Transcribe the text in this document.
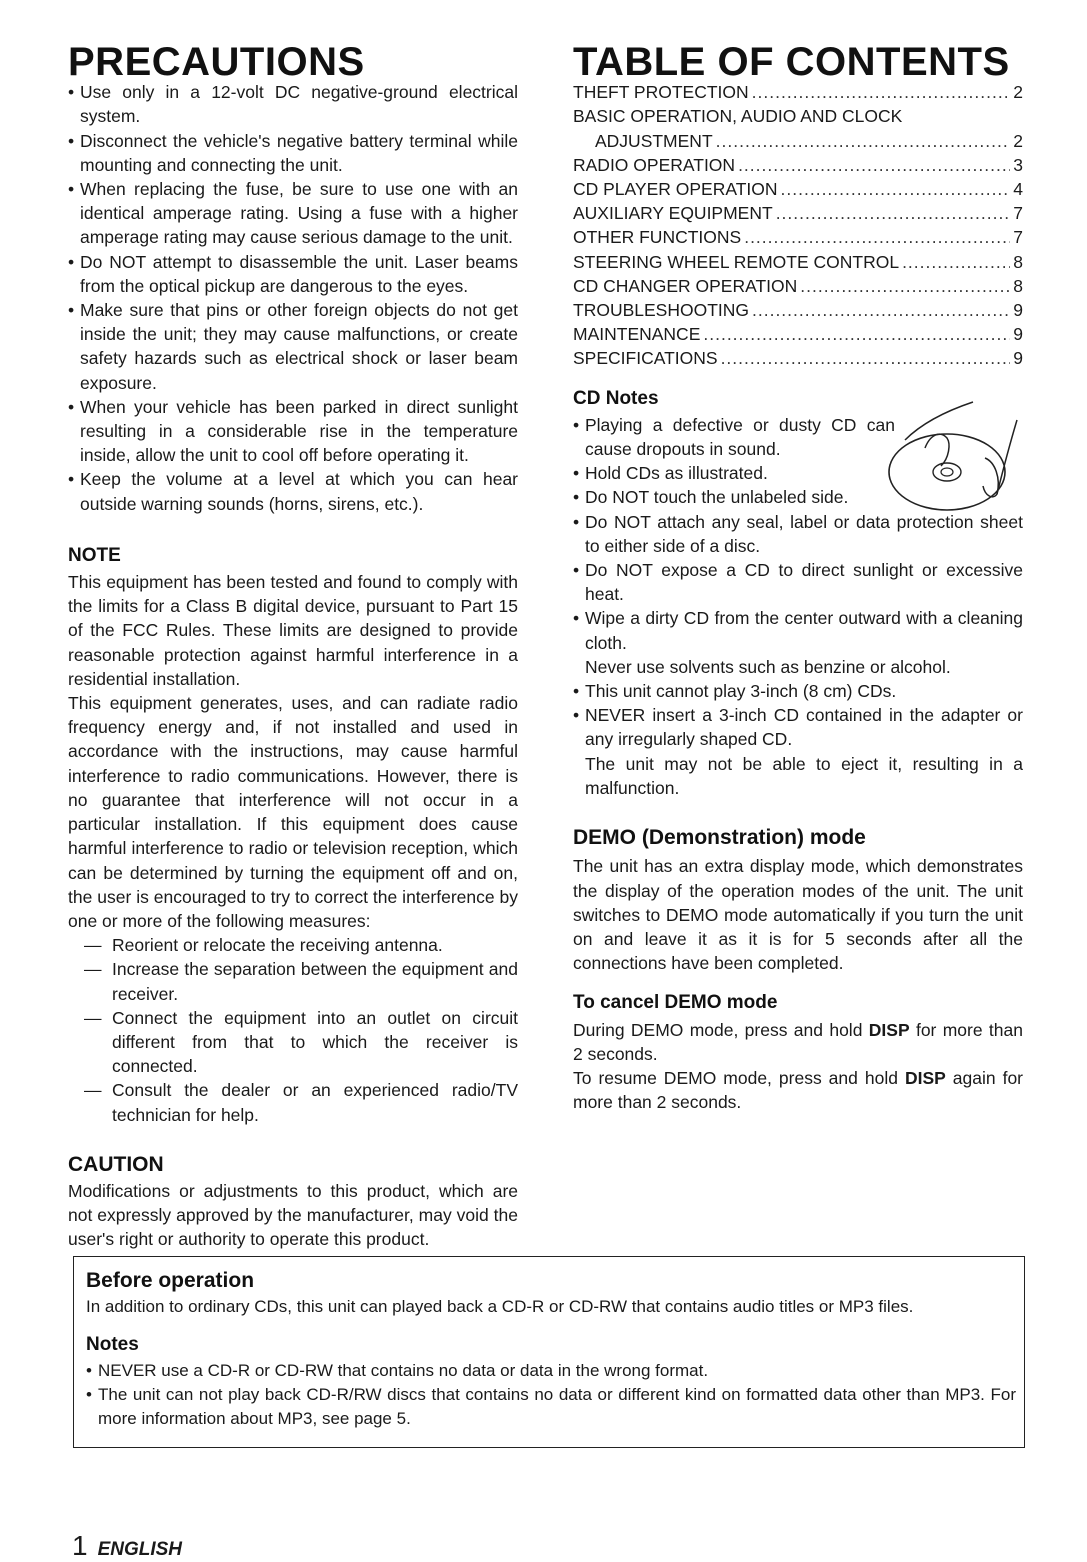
PRECAUTIONS
• Use only in a 12-volt DC negative-ground electrical system.
• Disconnect the vehicle's negative battery terminal while mounting and connecting the unit.
• When replacing the fuse, be sure to use one with an identical amperage rating. Using a fuse with a higher amperage rating may cause serious damage to the unit.
• Do NOT attempt to disassemble the unit. Laser beams from the optical pickup are dangerous to the eyes.
• Make sure that pins or other foreign objects do not get inside the unit; they may cause malfunctions, or create safety hazards such as electrical shock or laser beam exposure.
• When your vehicle has been parked in direct sunlight resulting in a considerable rise in the temperature inside, allow the unit to cool off before operating it.
• Keep the volume at a level at which you can hear outside warning sounds (horns, sirens, etc.).
NOTE

This equipment has been tested and found to comply with the limits for a Class B digital device, pursuant to Part 15 of the FCC Rules. These limits are designed to provide reasonable protection against harmful interference in a residential installation.

This equipment generates, uses, and can radiate radio frequency energy and, if not installed and used in accordance with the instructions, may cause harmful interference to radio communications. However, there is no guarantee that interference will not occur in a particular installation. If this equipment does cause harmful interference to radio or television reception, which can be determined by turning the equipment off and on, the user is encouraged to try to correct the interference by one or more of the following measures:

— Reorient or relocate the receiving antenna.
— Increase the separation between the equipment and receiver.
— Connect the equipment into an outlet on circuit different from that to which the receiver is connected.
— Consult the dealer or an experienced radio/TV technician for help.
CAUTION

Modifications or adjustments to this product, which are not expressly approved by the manufacturer, may void the user's right or authority to operate this product.

TABLE OF CONTENTS
THEFT PROTECTION .....	2
BASIC OPERATION, AUDIO AND CLOCK
ADJUSTMENT .....	2
RADIO OPERATION .....	3
CD PLAYER OPERATION .....	4
AUXILIARY EQUIPMENT .....	7
OTHER FUNCTIONS .....	7
STEERING WHEEL REMOTE CONTROL .....	8
CD CHANGER OPERATION .....	8
TROUBLESHOOTING .....	9
MAINTENANCE .....	9
SPECIFICATIONS .....	9
CD Notes
• Playing a defective or dusty CD can cause dropouts in sound.
• Hold CDs as illustrated.
• Do NOT touch the unlabeled side.
• Do NOT attach any seal, label or data protection sheet to either side of a disc.
• Do NOT expose a CD to direct sunlight or excessive heat.
• Wipe a dirty CD from the center outward with a cleaning cloth.
Never use solvents such as benzine or alcohol.
• This unit cannot play 3-inch (8 cm) CDs.
• NEVER insert a 3-inch CD contained in the adapter or any irregularly shaped CD.
The unit may not be able to eject it, resulting in a malfunction.
DEMO (Demonstration) mode

The unit has an extra display mode, which demonstrates the display of the operation modes of the unit. The unit switches to DEMO mode automatically if you turn the unit on and leave it as it is for 5 seconds after all the connections have been completed.

To cancel DEMO mode

During DEMO mode, press and hold DISP for more than 2 seconds.

To resume DEMO mode, press and hold DISP again for more than 2 seconds.

Before operation

In addition to ordinary CDs, this unit can played back a CD-R or CD-RW that contains audio titles or MP3 files.

Notes
• NEVER use a CD-R or CD-RW that contains no data or data in the wrong format.
• The unit can not play back CD-R/RW discs that contains no data or different kind on formatted data other than MP3. For more information about MP3, see page 5.
1 ENGLISH
